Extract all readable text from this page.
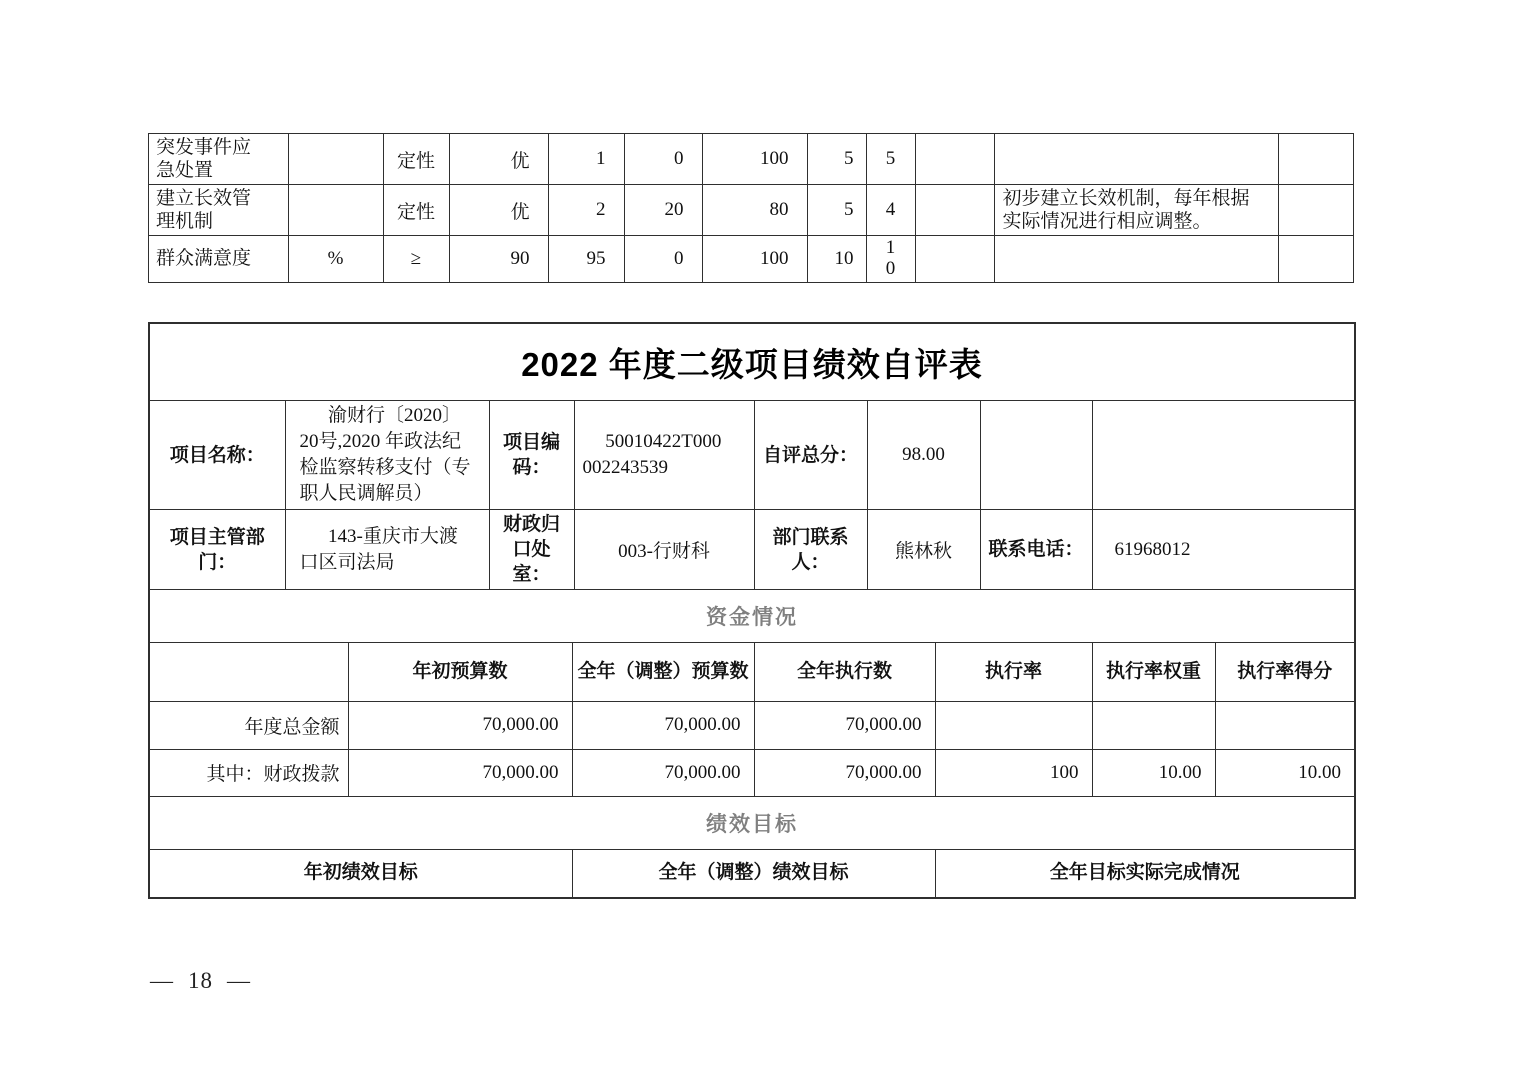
突发事件应急处置		定性	优	1	0	100	5	5			
建立长效管理机制		定性	优	2	20	80	5	4		初步建立长效机制，每年根据实际情况进行相应调整。	
群众满意度	%	≥	90	95	0	100	10	10			
2022 年度二级项目绩效自评表
项目名称：	渝财行〔2020〕20号,2020 年政法纪检监察转移支付（专职人民调解员）	项目编码：	50010422T000002243539	自评总分：	98.00		
项目主管部门：	143-重庆市大渡口区司法局	财政归口处室：	003-行财科	部门联系人：	熊林秋	联系电话：	61968012
资金情况
	年初预算数	全年（调整）预算数	全年执行数	执行率	执行率权重	执行率得分
年度总金额	70,000.00	70,000.00	70,000.00			
其中：财政拨款	70,000.00	70,000.00	70,000.00	100	10.00	10.00
绩效目标
年初绩效目标	全年（调整）绩效目标	全年目标实际完成情况
— 18 —
